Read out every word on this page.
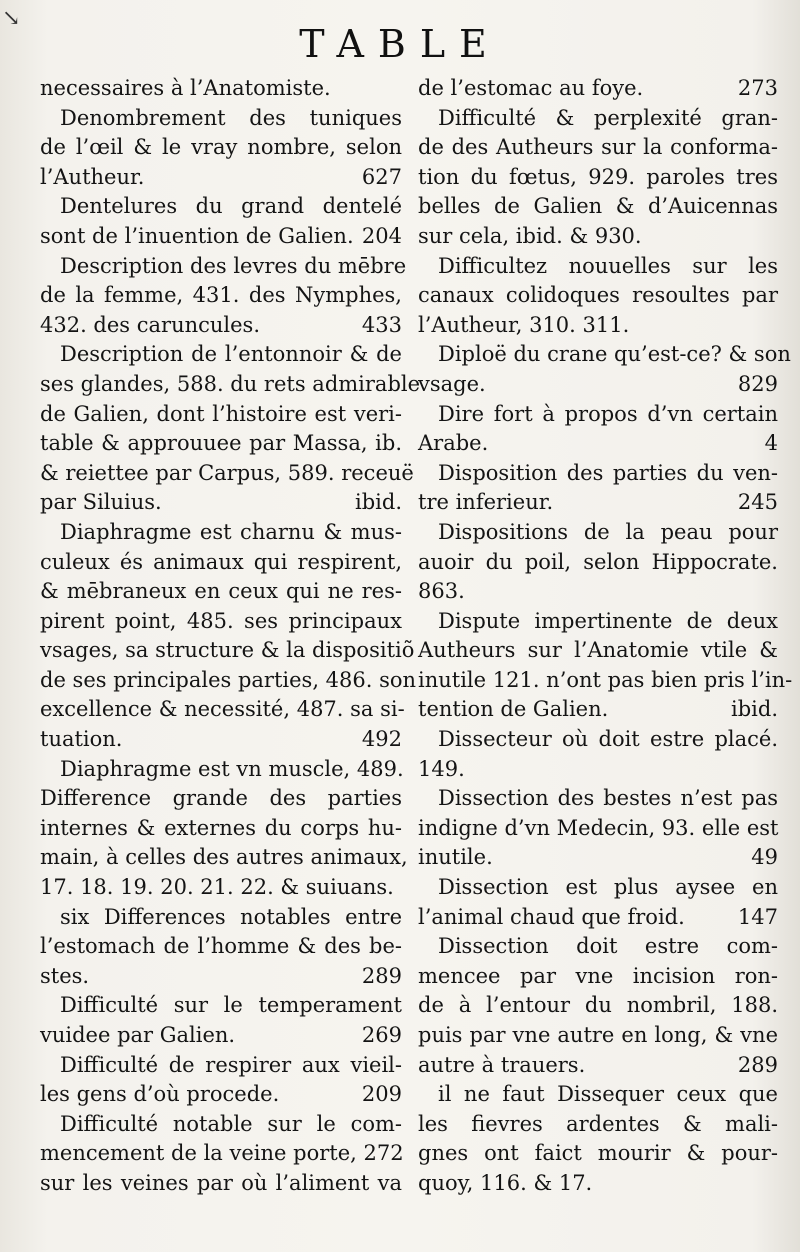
↘
TABLE
necessaires à l’Anatomiste.
Denombrement des tuniques
de l’œil & le vray nombre, selon
l’Autheur.	627
Dentelures du grand dentelé
sont de l’inuention de Galien. 204
Description des levres du mēbre
de la femme, 431. des Nymphes,
432. des caruncules.	433
Description de l’entonnoir & de
ses glandes, 588. du rets admirable
de Galien, dont l’histoire est veri-
table & approuuee par Massa, ib.
& reiettee par Carpus, 589. receuë
par Siluius.	ibid.
Diaphragme est charnu & mus-
culeux és animaux qui respirent,
& mēbraneux en ceux qui ne res-
pirent point, 485. ses principaux
vsages, sa structure & la dispositiõ
de ses principales parties, 486. son
excellence & necessité, 487. sa si-
tuation.	492
Diaphragme est vn muscle, 489.
Difference grande des parties
internes & externes du corps hu-
main, à celles des autres animaux,
17. 18. 19. 20. 21. 22. & suiuans.
six Differences notables entre
l’estomach de l’homme & des be-
stes.	289
Difficulté sur le temperament
vuidee par Galien.	269
Difficulté de respirer aux vieil-
les gens d’où procede.	209
Difficulté notable sur le com-
mencement de la veine porte, 272
sur les veines par où l’aliment va
de l’estomac au foye.	273
Difficulté & perplexité gran-
de des Autheurs sur la conforma-
tion du fœtus, 929. paroles tres
belles de Galien & d’Auicennas
sur cela, ibid. & 930.
Difficultez nouuelles sur les
canaux colidoques resoultes par
l’Autheur, 310. 311.
Diploë du crane qu’est-ce? & son
vsage.	829
Dire fort à propos d’vn certain
Arabe.	4
Disposition des parties du ven-
tre inferieur.	245
Dispositions de la peau pour
auoir du poil, selon Hippocrate.
863.
Dispute impertinente de deux
Autheurs sur l’Anatomie vtile &
inutile 121. n’ont pas bien pris l’in-
tention de Galien.	ibid.
Dissecteur où doit estre placé.
149.
Dissection des bestes n’est pas
indigne d’vn Medecin, 93. elle est
inutile.	49
Dissection est plus aysee en
l’animal chaud que froid.	147
Dissection doit estre com-
mencee par vne incision ron-
de à l’entour du nombril, 188.
puis par vne autre en long, & vne
autre à trauers.	289
il ne faut Dissequer ceux que
les fievres ardentes & mali-
gnes ont faict mourir & pour-
quoy, 116. & 17.
